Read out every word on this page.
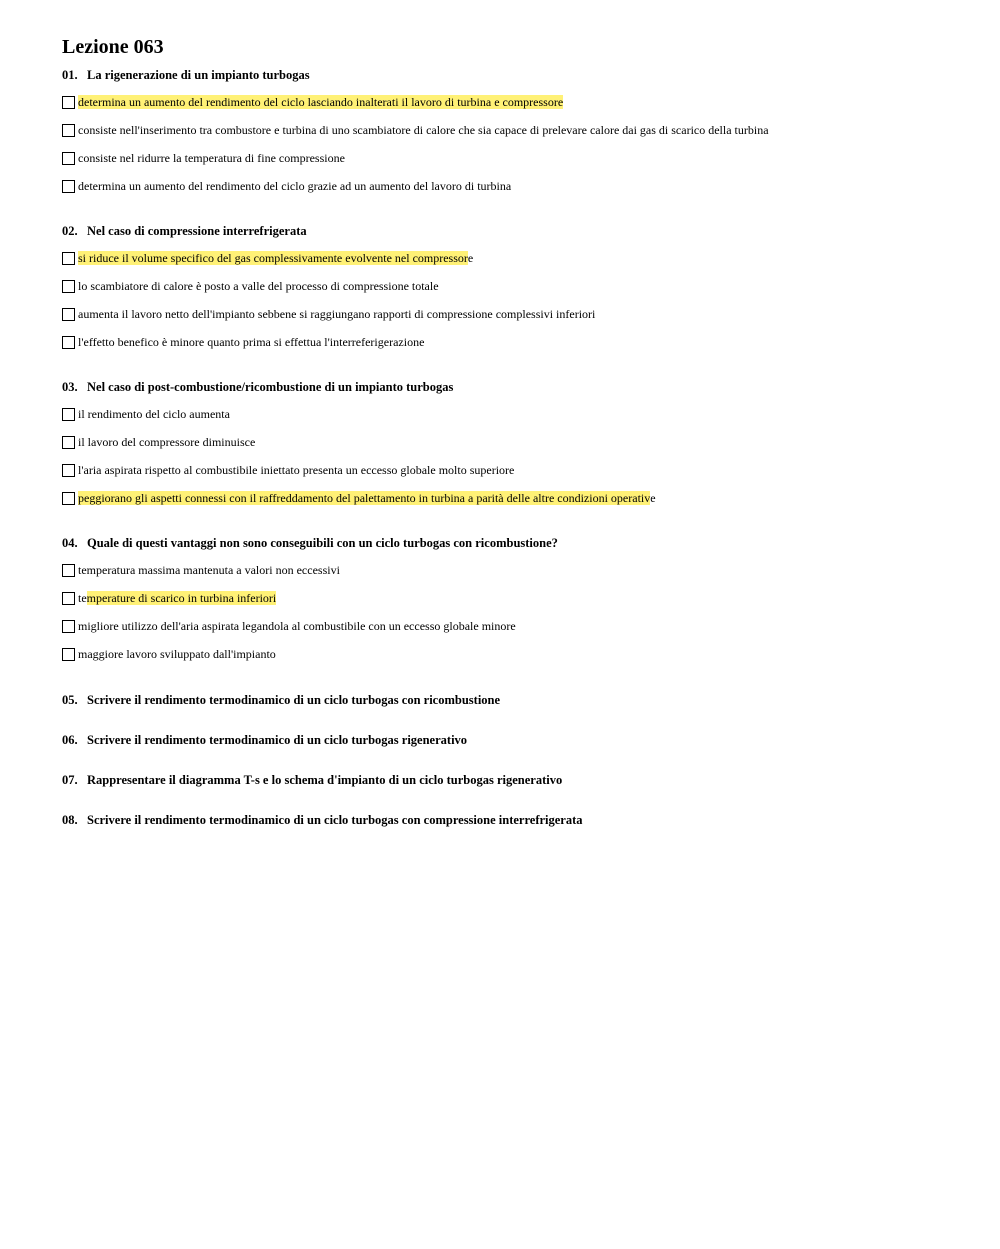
Lezione 063
01. La rigenerazione di un impianto turbogas
determina un aumento del rendimento del ciclo lasciando inalterati il lavoro di turbina e compressore
consiste nell'inserimento tra combustore e turbina di uno scambiatore di calore che sia capace di prelevare calore dai gas di scarico della turbina
consiste nel ridurre la temperatura di fine compressione
determina un aumento del rendimento del ciclo grazie ad un aumento del lavoro di turbina
02. Nel caso di compressione interrefrigerata
si riduce il volume specifico del gas complessivamente evolvente nel compressore
lo scambiatore di calore è posto a valle del processo di compressione totale
aumenta il lavoro netto dell'impianto sebbene si raggiungano rapporti di compressione complessivi inferiori
l'effetto benefico è minore quanto prima si effettua l'interreferigerazione
03. Nel caso di post-combustione/ricombustione di un impianto turbogas
il rendimento del ciclo aumenta
il lavoro del compressore diminuisce
l'aria aspirata rispetto al combustibile iniettato presenta un eccesso globale molto superiore
peggiorano gli aspetti connessi con il raffreddamento del palettamento in turbina a parità delle altre condizioni operative
04. Quale di questi vantaggi non sono conseguibili con un ciclo turbogas con ricombustione?
temperatura massima mantenuta a valori non eccessivi
temperature di scarico in turbina inferiori
migliore utilizzo dell'aria aspirata legandola al combustibile con un eccesso globale minore
maggiore lavoro sviluppato dall'impianto
05. Scrivere il rendimento termodinamico di un ciclo turbogas con ricombustione
06. Scrivere il rendimento termodinamico di un ciclo turbogas rigenerativo
07. Rappresentare il diagramma T-s e lo schema d'impianto di un ciclo turbogas rigenerativo
08. Scrivere il rendimento termodinamico di un ciclo turbogas con compressione interrefrigerata
